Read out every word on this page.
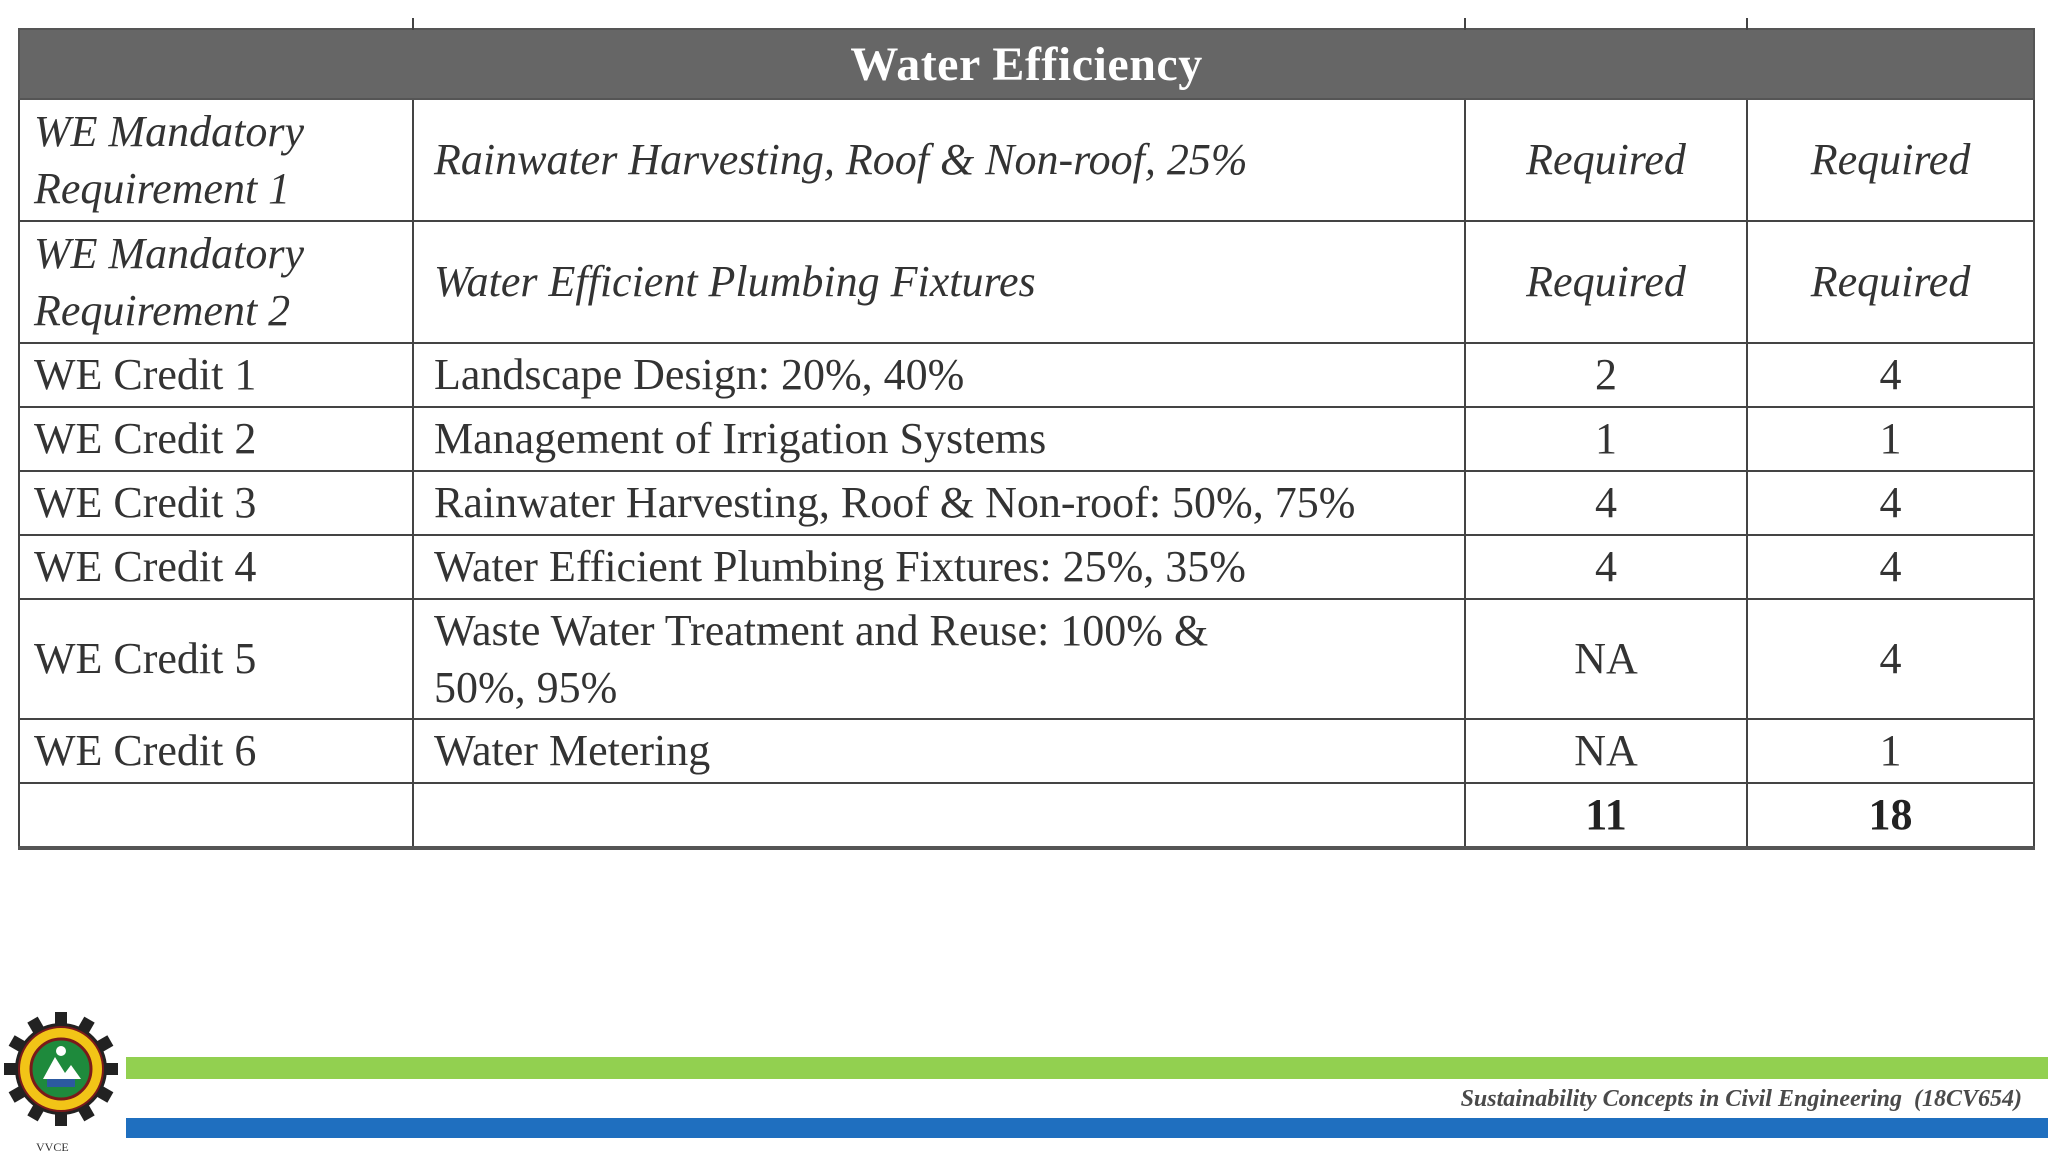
Water Efficiency			
WE Mandatory Requirement 1	Rainwater Harvesting, Roof & Non-roof, 25%	Required	Required
WE Mandatory Requirement 2	Water Efficient Plumbing Fixtures	Required	Required
WE Credit 1	Landscape Design: 20%, 40%	2	4
WE Credit 2	Management of Irrigation Systems	1	1
WE Credit 3	Rainwater Harvesting, Roof & Non-roof: 50%, 75%	4	4
WE Credit 4	Water Efficient Plumbing Fixtures: 25%, 35%	4	4
WE Credit 5	Waste Water Treatment and Reuse: 100% & 50%, 95%	NA	4
WE Credit 6	Water Metering	NA	1
		11	18
VVCE
Sustainability Concepts in Civil Engineering  (18CV654)
